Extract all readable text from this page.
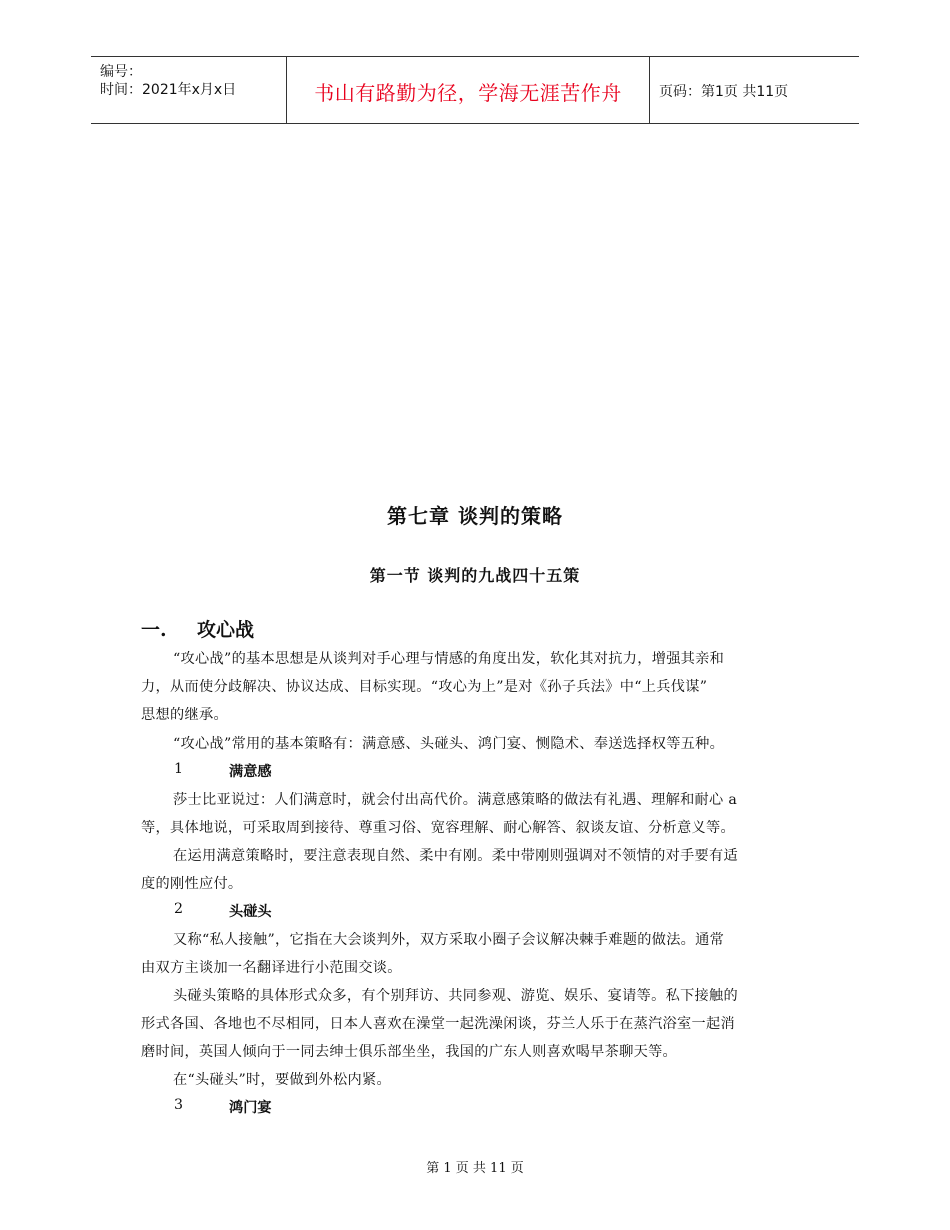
编号：
时间：2021年x月x日	书山有路勤为径，学海无涯苦作舟	页码：第1页 共11页
第七章 谈判的策略
第一节 谈判的九战四十五策
一. 攻心战
“攻心战”的基本思想是从谈判对手心理与情感的角度出发，软化其对抗力，增强其亲和
力，从而使分歧解决、协议达成、目标实现。“攻心为上”是对《孙子兵法》中“上兵伐谋”
思想的继承。
“攻心战”常用的基本策略有：满意感、头碰头、鸿门宴、恻隐术、奉送选择权等五种。
1	满意感
莎士比亚说过：人们满意时，就会付出高代价。满意感策略的做法有礼遇、理解和耐心 a
等，具体地说，可采取周到接待、尊重习俗、宽容理解、耐心解答、叙谈友谊、分析意义等。
在运用满意策略时，要注意表现自然、柔中有刚。柔中带刚则强调对不领情的对手要有适
度的刚性应付。
2	头碰头
又称“私人接触”，它指在大会谈判外，双方采取小圈子会议解决棘手难题的做法。通常
由双方主谈加一名翻译进行小范围交谈。
头碰头策略的具体形式众多，有个别拜访、共同参观、游览、娱乐、宴请等。私下接触的
形式各国、各地也不尽相同，日本人喜欢在澡堂一起洗澡闲谈，芬兰人乐于在蒸汽浴室一起消
磨时间，英国人倾向于一同去绅士俱乐部坐坐，我国的广东人则喜欢喝早茶聊天等。
在“头碰头”时，要做到外松内紧。
3	鸿门宴
第 1 页 共 11 页
